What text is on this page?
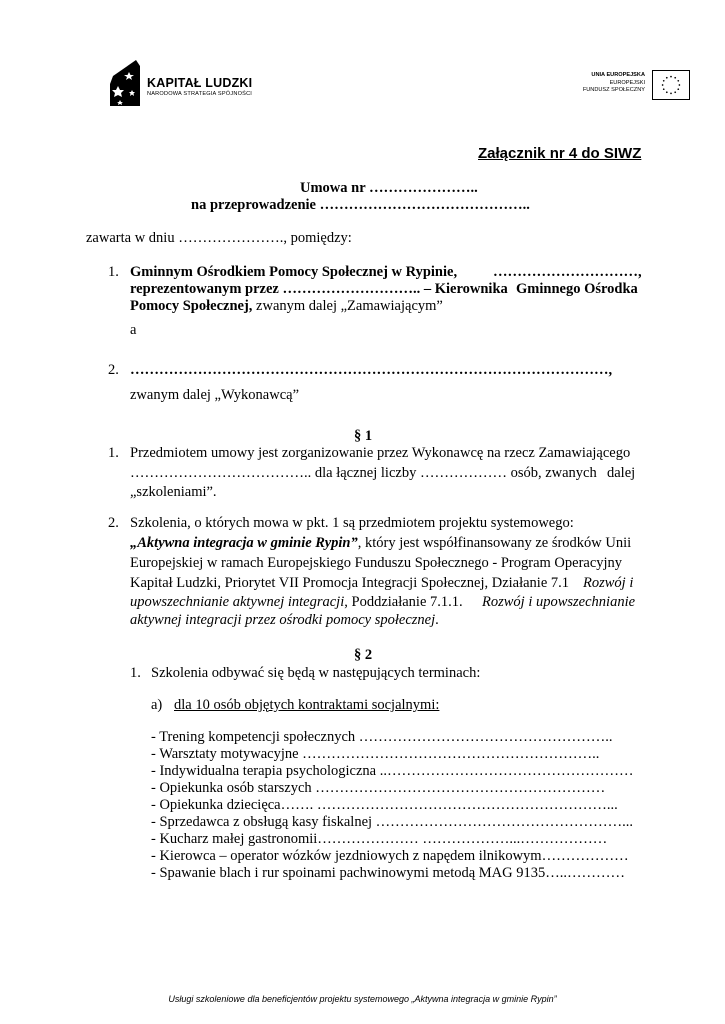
KAPITAŁ LUDZKI
NARODOWA STRATEGIA SPÓJNOŚCI
UNIA EUROPEJSKA
EUROPEJSKI
FUNDUSZ SPOŁECZNY
Załącznik nr 4 do SIWZ
Umowa nr …………………..
na przeprowadzenie ……………………………………..
zawarta w dniu …………………., pomiędzy:
1. Gminnym Ośrodkiem Pomocy Społecznej w Rypinie, …………………………,
reprezentowanym przez ……………………….. – Kierownika Gminnego Ośrodka
Pomocy Społecznej, zwanym dalej „Zamawiającym”
a
2. ………………………………………………………………………………………,
zwanym dalej „Wykonawcą”
§ 1
1. Przedmiotem umowy jest zorganizowanie przez Wykonawcę na rzecz Zamawiającego
……………………………….. dla łącznej liczby ……………… osób, zwanych dalej
„szkoleniami”.
2. Szkolenia, o których mowa w pkt. 1 są przedmiotem projektu systemowego:
„Aktywna integracja w gminie Rypin”, który jest współfinansowany ze środków Unii
Europejskiej w ramach Europejskiego Funduszu Społecznego - Program Operacyjny
Kapitał Ludzki, Priorytet VII Promocja Integracji Społecznej, Działanie 7.1 Rozwój i
upowszechnianie aktywnej integracji, Poddziałanie 7.1.1. Rozwój i upowszechnianie
aktywnej integracji przez ośrodki pomocy społecznej.
§ 2
1. Szkolenia odbywać się będą w następujących terminach:
a) dla 10 osób objętych kontraktami socjalnymi:
- Trening kompetencji społecznych ……………………………………………..
- Warsztaty motywacyjne ……………………………………………………..
- Indywidualna terapia psychologiczna ..……………………………………………
- Opiekunka osób starszych ……………………………………………………
- Opiekunka dziecięca……. ……………………………………………………...
- Sprzedawca z obsługą kasy fiskalnej ……………………………………………...
- Kucharz małej gastronomii………………… ………………...………………
- Kierowca – operator wózków jezdniowych z napędem ilnikowym………………
- Spawanie blach i rur spoinami pachwinowymi metodą MAG 9135…..…………
Usługi szkoleniowe dla beneficjentów projektu systemowego „Aktywna integracja w gminie Rypin”
